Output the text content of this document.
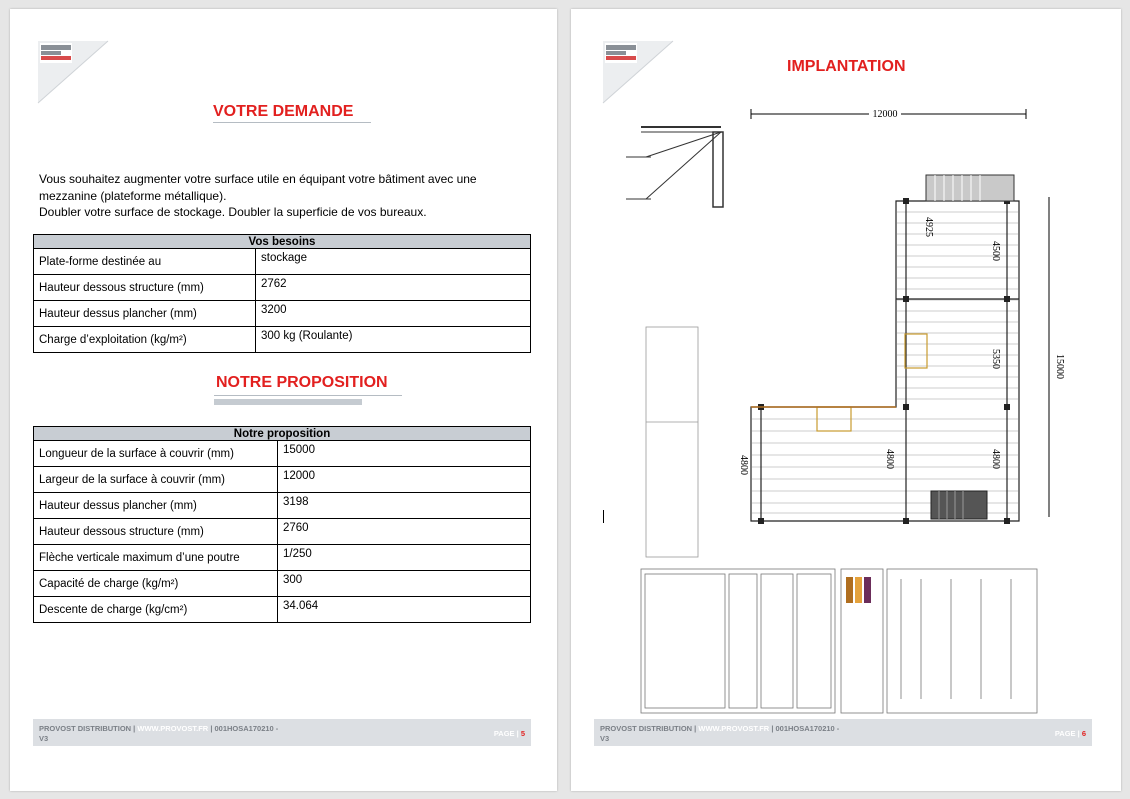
VOTRE DEMANDE

Vous souhaitez augmenter votre surface utile en équipant votre bâtiment avec une
mezzanine (plateforme métallique).
Doubler votre surface de stockage. Doubler la superficie de vos bureaux.

Vos besoins	
Plate-forme destinée au	stockage
Hauteur dessous structure (mm)	2762
Hauteur dessus plancher (mm)	3200
Charge d’exploitation (kg/m²)	300 kg (Roulante)
NOTRE PROPOSITION
Notre proposition	
Longueur de la surface à couvrir (mm)	15000
Largeur de la surface à couvrir (mm)	12000
Hauteur dessus plancher (mm)	3198
Hauteur dessous structure (mm)	2760
Flèche verticale maximum d’une poutre	1/250
Capacité de charge (kg/m²)	300
Descente de charge (kg/cm²)	34.064
PROVOST DISTRIBUTION | WWW.PROVOST.FR | 001HOSA170210 -
V3
PAGE | 5
IMPLANTATION
12000
15000
4925
4500
5350
4800	4800	4800
PROVOST DISTRIBUTION | WWW.PROVOST.FR | 001HOSA170210 -
V3
PAGE | 6
